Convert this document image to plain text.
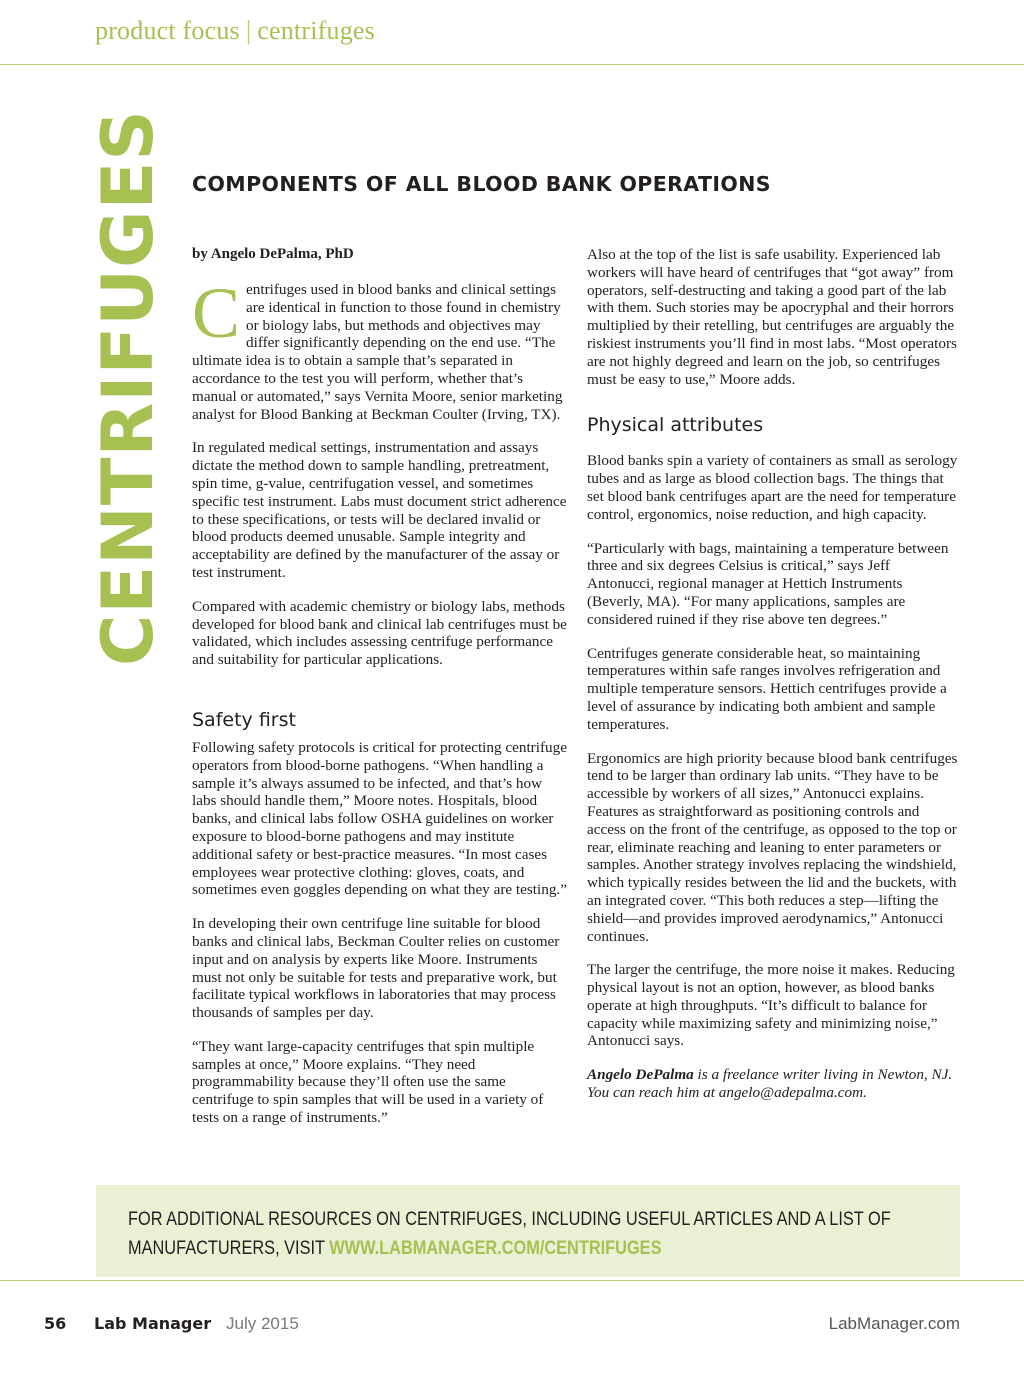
product focus | centrifuges
CENTRIFUGES COMPONENTS OF ALL BLOOD BANK OPERATIONS
by Angelo DePalma, PhD

Centrifuges used in blood banks and clinical settings are identical in function to those found in chemistry or biology labs, but methods and objectives may differ significantly depending on the end use. “The ultimate idea is to obtain a sample that’s separated in accordance to the test you will perform, whether that’s manual or automated,” says Vernita Moore, senior marketing analyst for Blood Banking at Beckman Coulter (Irving, TX).

In regulated medical settings, instrumentation and assays dictate the method down to sample handling, pretreatment, spin time, g-value, centrifugation vessel, and sometimes specific test instrument. Labs must document strict adherence to these specifications, or tests will be declared invalid or blood products deemed unusable. Sample integrity and acceptability are defined by the manufacturer of the assay or test instrument.

Compared with academic chemistry or biology labs, methods developed for blood bank and clinical lab centrifuges must be validated, which includes assessing centrifuge performance and suitability for particular applications.

Safety first

Following safety protocols is critical for protecting centrifuge operators from blood-borne pathogens. “When handling a sample it’s always assumed to be infected, and that’s how labs should handle them,” Moore notes. Hospitals, blood banks, and clinical labs follow OSHA guidelines on worker exposure to blood-borne pathogens and may institute additional safety or best-practice measures. “In most cases employees wear protective clothing: gloves, coats, and sometimes even goggles depending on what they are testing.”

In developing their own centrifuge line suitable for blood banks and clinical labs, Beckman Coulter relies on customer input and on analysis by experts like Moore. Instruments must not only be suitable for tests and preparative work, but facilitate typical workflows in laboratories that may process thousands of samples per day.

“They want large-capacity centrifuges that spin multiple samples at once,” Moore explains. “They need programmability because they’ll often use the same centrifuge to spin samples that will be used in a variety of tests on a range of instruments.”

Also at the top of the list is safe usability. Experienced lab workers will have heard of centrifuges that “got away” from operators, self-destructing and taking a good part of the lab with them. Such stories may be apocryphal and their horrors multiplied by their retelling, but centrifuges are arguably the riskiest instruments you’ll find in most labs. “Most operators are not highly degreed and learn on the job, so centrifuges must be easy to use,” Moore adds.

Physical attributes

Blood banks spin a variety of containers as small as serology tubes and as large as blood collection bags. The things that set blood bank centrifuges apart are the need for temperature control, ergonomics, noise reduction, and high capacity.

“Particularly with bags, maintaining a temperature between three and six degrees Celsius is critical,” says Jeff Antonucci, regional manager at Hettich Instruments (Beverly, MA). “For many applications, samples are considered ruined if they rise above ten degrees.”

Centrifuges generate considerable heat, so maintaining temperatures within safe ranges involves refrigeration and multiple temperature sensors. Hettich centrifuges provide a level of assurance by indicating both ambient and sample temperatures.

Ergonomics are high priority because blood bank centrifuges tend to be larger than ordinary lab units. “They have to be accessible by workers of all sizes,” Antonucci explains. Features as straightforward as positioning controls and access on the front of the centrifuge, as opposed to the top or rear, eliminate reaching and leaning to enter parameters or samples. Another strategy involves replacing the windshield, which typically resides between the lid and the buckets, with an integrated cover. “This both reduces a step—lifting the shield—and provides improved aerodynamics,” Antonucci continues.

The larger the centrifuge, the more noise it makes. Reducing physical layout is not an option, however, as blood banks operate at high throughputs. “It’s difficult to balance for capacity while maximizing safety and minimizing noise,” Antonucci says.

Angelo DePalma is a freelance writer living in Newton, NJ. You can reach him at angelo@adepalma.com.

FOR ADDITIONAL RESOURCES ON CENTRIFUGES, INCLUDING USEFUL ARTICLES AND A LIST OF MANUFACTURERS, VISIT WWW.LABMANAGER.COM/CENTRIFUGES
56 Lab Manager July 2015	LabManager.com
